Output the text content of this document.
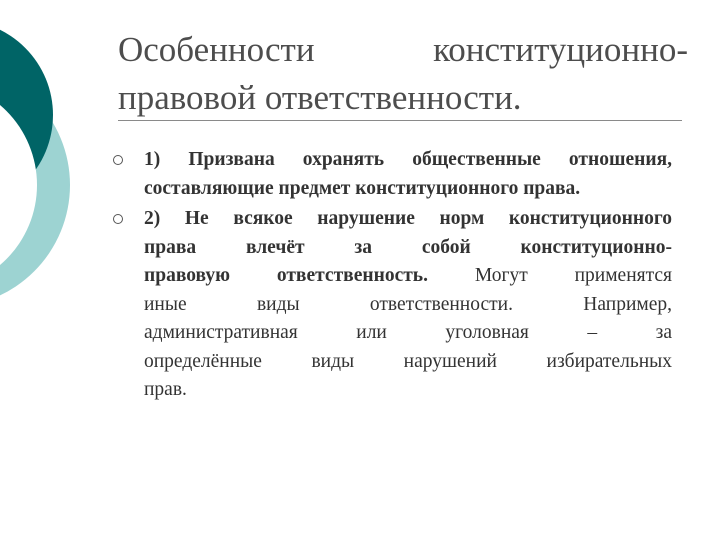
Особенности	конституционно-
правовой ответственности.
1) Призвана охранять общественные отношения,
составляющие предмет конституционного права.
2) Не всякое нарушение норм конституционного
права влечёт за собой конституционно-
правовую ответственность. Могут применятся
иные виды ответственности. Например,
административная или уголовная – за
определённые виды нарушений избирательных
прав.
